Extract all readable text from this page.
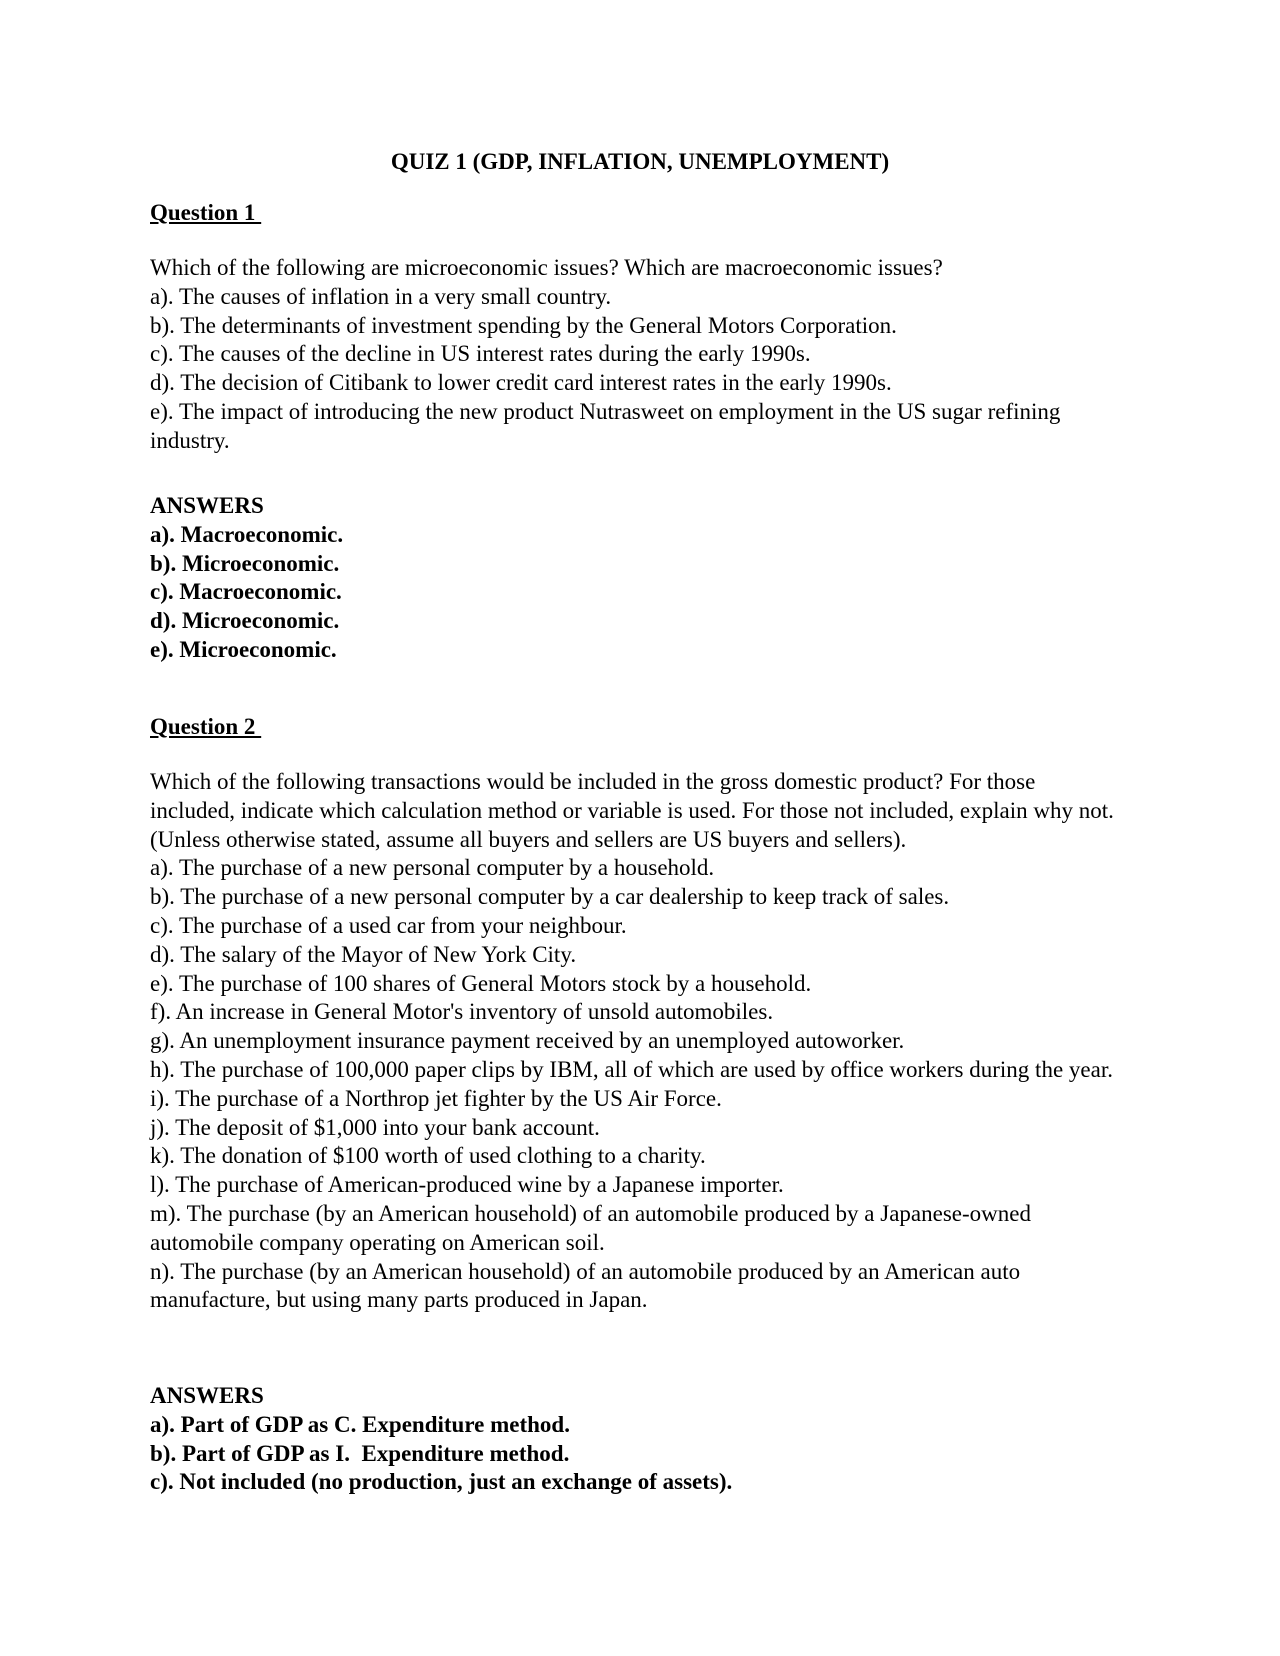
QUIZ 1 (GDP, INFLATION, UNEMPLOYMENT)
Question 1
Which of the following are microeconomic issues? Which are macroeconomic issues?
a). The causes of inflation in a very small country.
b). The determinants of investment spending by the General Motors Corporation.
c). The causes of the decline in US interest rates during the early 1990s.
d). The decision of Citibank to lower credit card interest rates in the early 1990s.
e). The impact of introducing the new product Nutrasweet on employment in the US sugar refining industry.
ANSWERS
a). Macroeconomic.
b). Microeconomic.
c). Macroeconomic.
d). Microeconomic.
e). Microeconomic.
Question 2
Which of the following transactions would be included in the gross domestic product? For those included, indicate which calculation method or variable is used. For those not included, explain why not. (Unless otherwise stated, assume all buyers and sellers are US buyers and sellers).
a). The purchase of a new personal computer by a household.
b). The purchase of a new personal computer by a car dealership to keep track of sales.
c). The purchase of a used car from your neighbour.
d). The salary of the Mayor of New York City.
e). The purchase of 100 shares of General Motors stock by a household.
f). An increase in General Motor's inventory of unsold automobiles.
g). An unemployment insurance payment received by an unemployed autoworker.
h). The purchase of 100,000 paper clips by IBM, all of which are used by office workers during the year.
i). The purchase of a Northrop jet fighter by the US Air Force.
j). The deposit of $1,000 into your bank account.
k). The donation of $100 worth of used clothing to a charity.
l). The purchase of American-produced wine by a Japanese importer.
m). The purchase (by an American household) of an automobile produced by a Japanese-owned automobile company operating on American soil.
n). The purchase (by an American household) of an automobile produced by an American auto manufacture, but using many parts produced in Japan.
ANSWERS
a). Part of GDP as C. Expenditure method.
b). Part of GDP as I.  Expenditure method.
c). Not included (no production, just an exchange of assets).
